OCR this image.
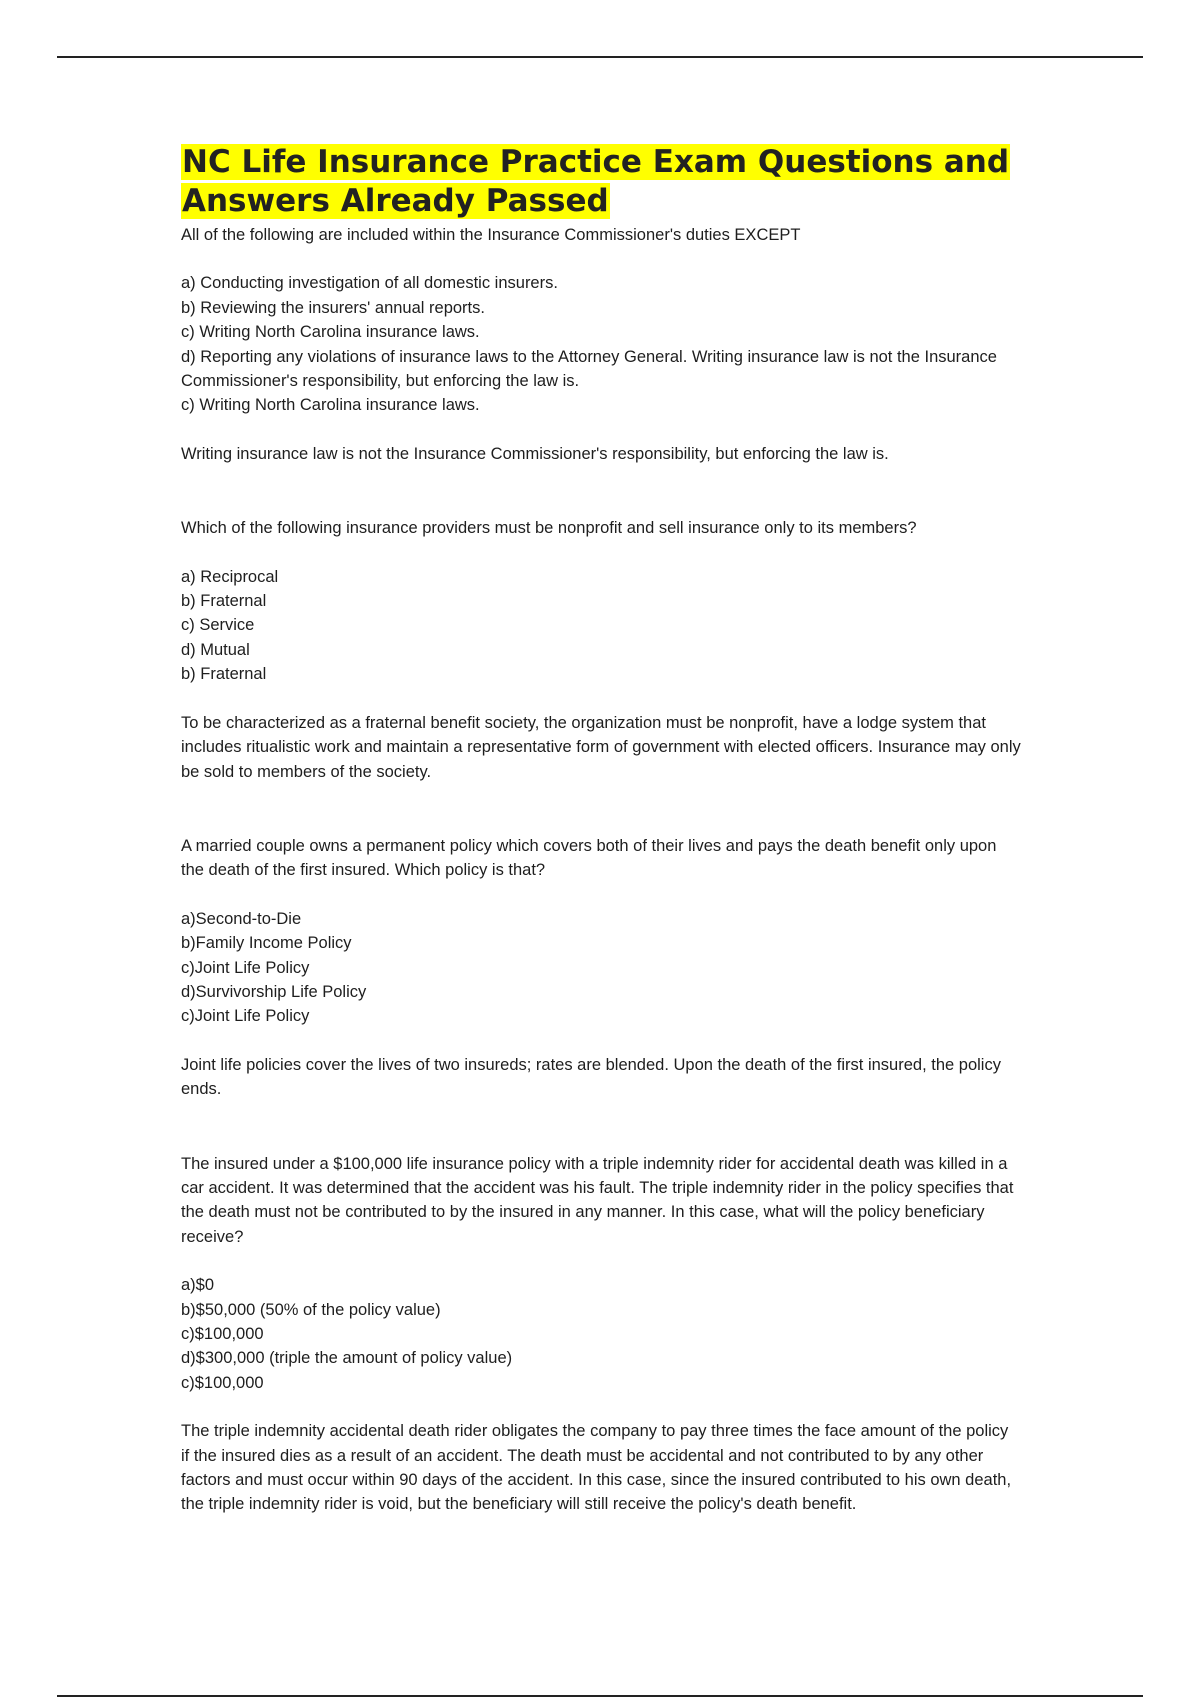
NC Life Insurance Practice Exam Questions and Answers Already Passed

All of the following are included within the Insurance Commissioner's duties EXCEPT

a) Conducting investigation of all domestic insurers.

b) Reviewing the insurers' annual reports.

c) Writing North Carolina insurance laws.

d) Reporting any violations of insurance laws to the Attorney General. Writing insurance law is not the Insurance Commissioner's responsibility, but enforcing the law is.

c) Writing North Carolina insurance laws.

Writing insurance law is not the Insurance Commissioner's responsibility, but enforcing the law is.

Which of the following insurance providers must be nonprofit and sell insurance only to its members?

a) Reciprocal

b) Fraternal

c) Service

d) Mutual

b) Fraternal

To be characterized as a fraternal benefit society, the organization must be nonprofit, have a lodge system that includes ritualistic work and maintain a representative form of government with elected officers. Insurance may only be sold to members of the society.

A married couple owns a permanent policy which covers both of their lives and pays the death benefit only upon the death of the first insured. Which policy is that?

a)Second-to-Die

b)Family Income Policy

c)Joint Life Policy

d)Survivorship Life Policy

c)Joint Life Policy

Joint life policies cover the lives of two insureds; rates are blended. Upon the death of the first insured, the policy ends.

The insured under a $100,000 life insurance policy with a triple indemnity rider for accidental death was killed in a car accident. It was determined that the accident was his fault. The triple indemnity rider in the policy specifies that the death must not be contributed to by the insured in any manner. In this case, what will the policy beneficiary receive?

a)$0

b)$50,000 (50% of the policy value)

c)$100,000

d)$300,000 (triple the amount of policy value)

c)$100,000

The triple indemnity accidental death rider obligates the company to pay three times the face amount of the policy if the insured dies as a result of an accident. The death must be accidental and not contributed to by any other factors and must occur within 90 days of the accident. In this case, since the insured contributed to his own death, the triple indemnity rider is void, but the beneficiary will still receive the policy's death benefit.
